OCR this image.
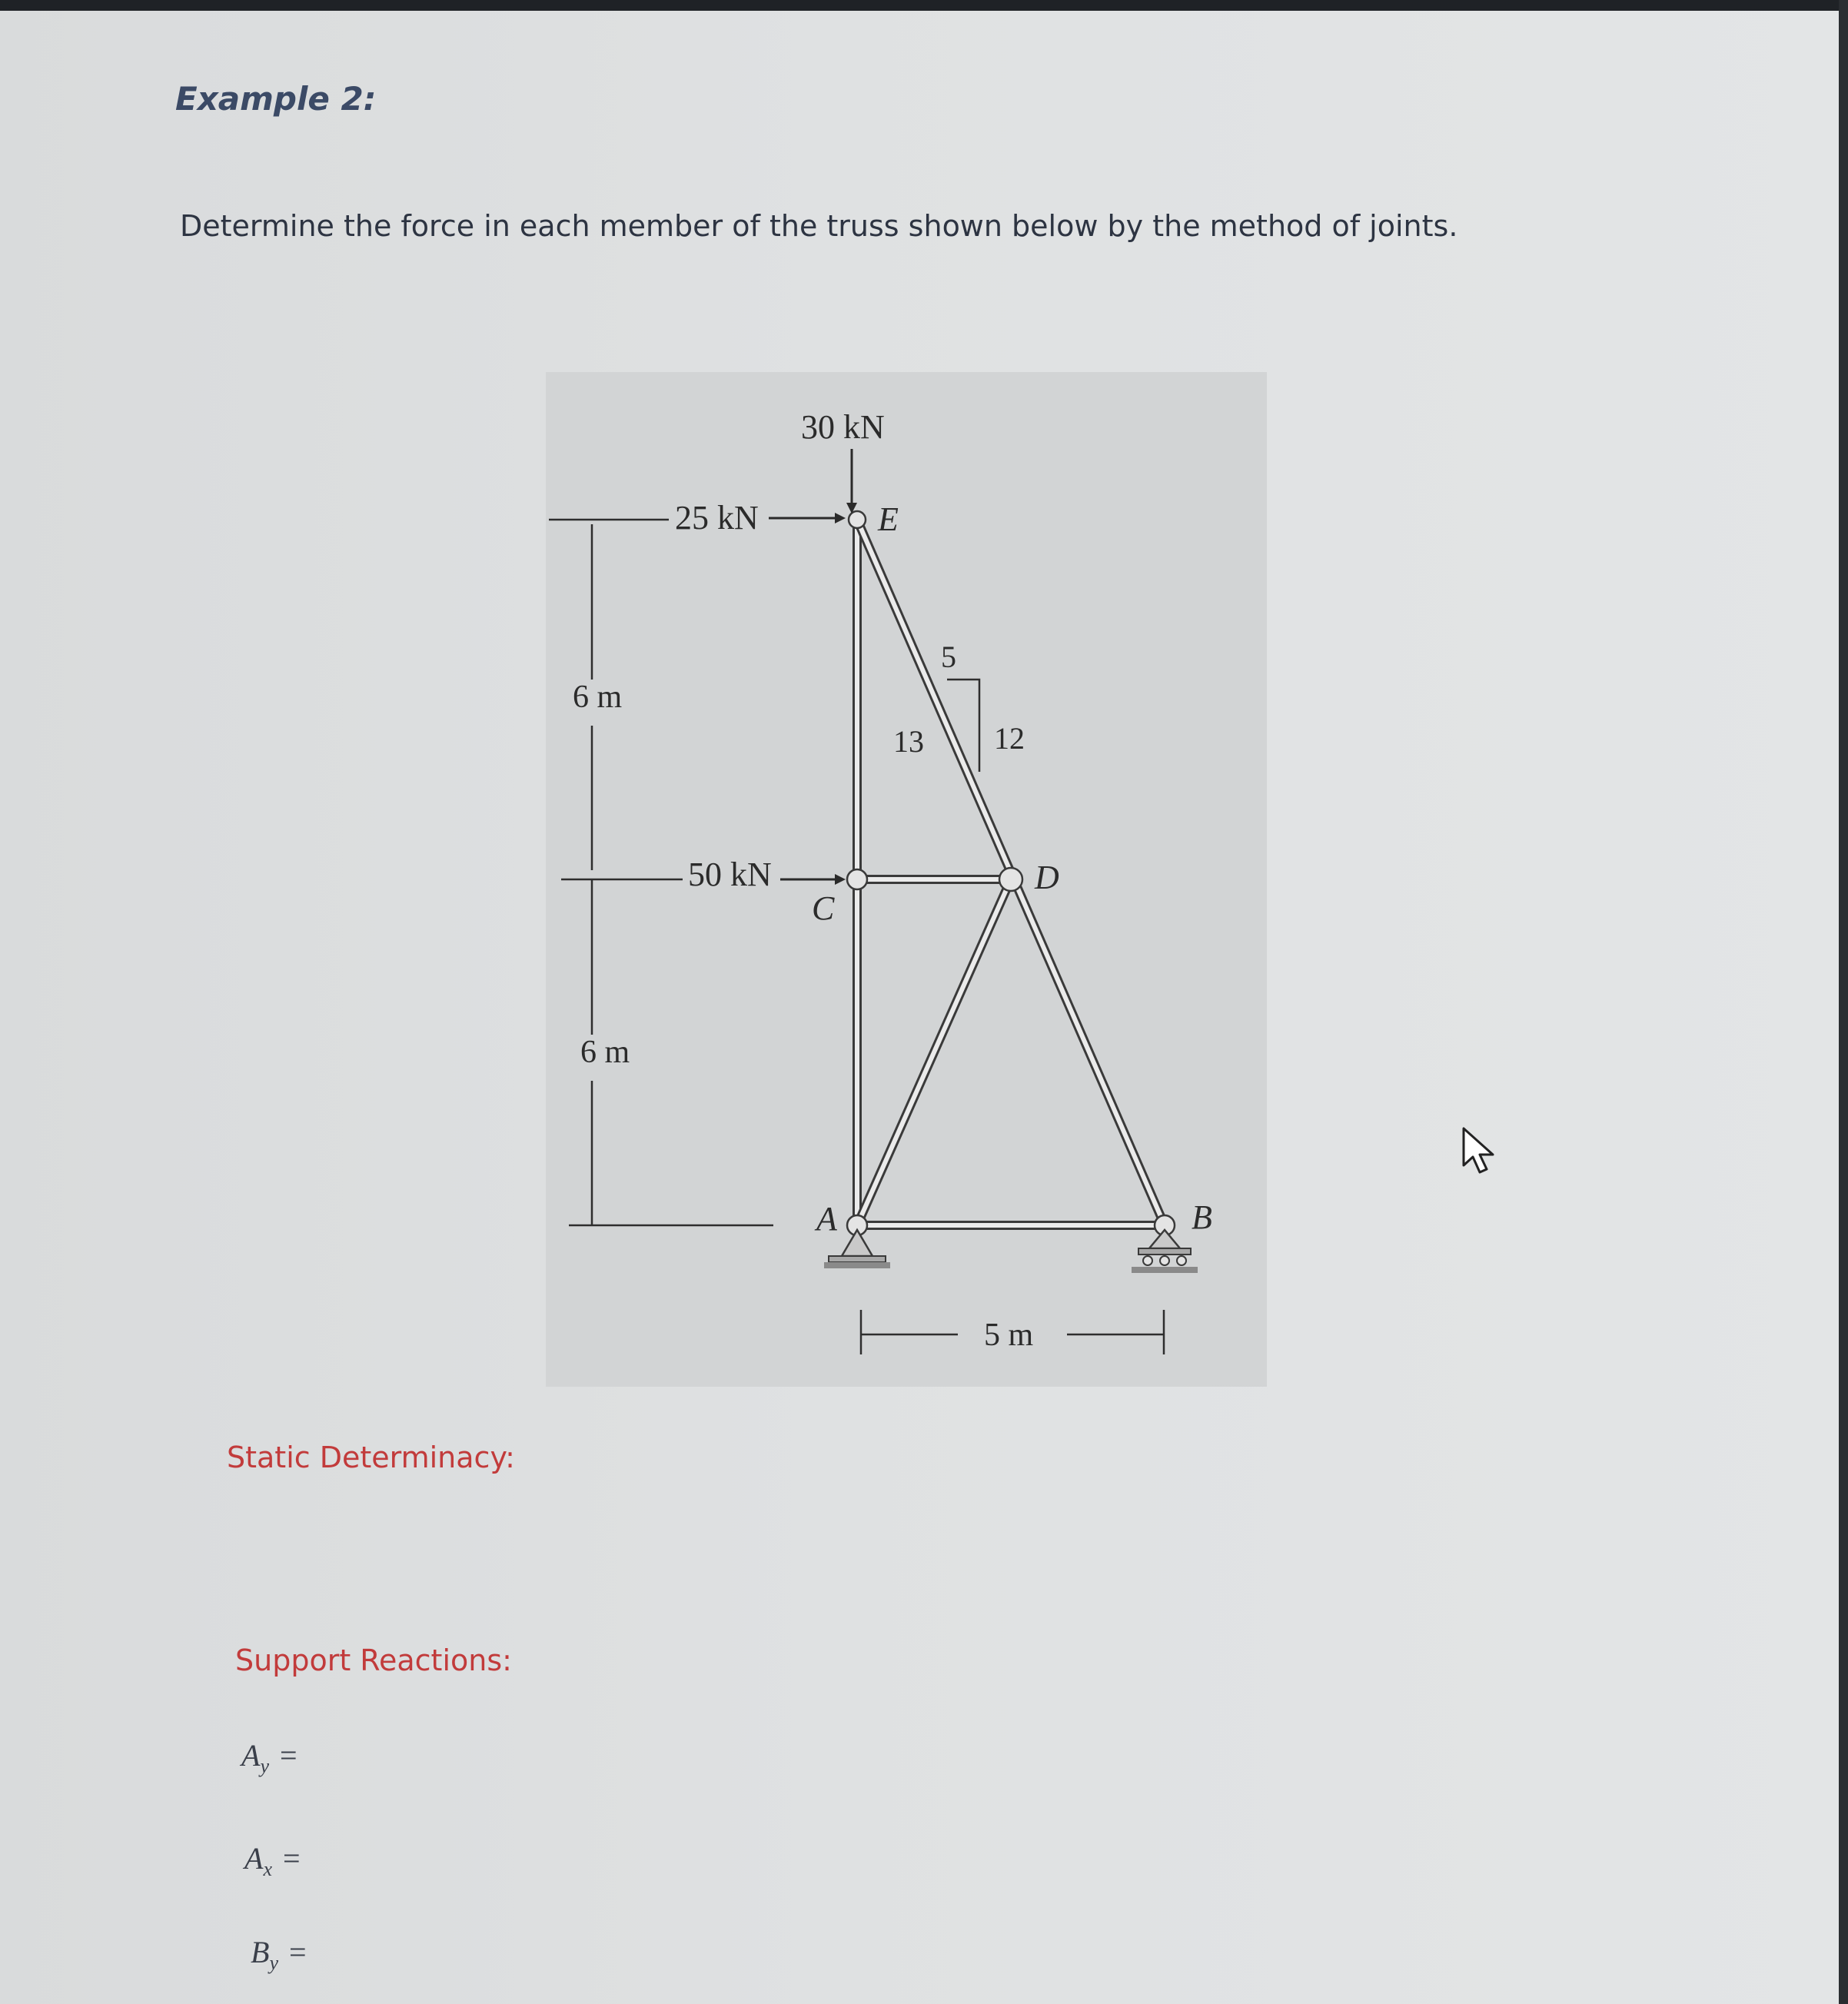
Example 2:

Determine the force in each member of the truss shown below by the method of joints.

30 kN
25 kN
50 kN
6 m
6 m
5 m
5
12
13
E
C
D
A	B
Static Determinacy:
Support Reactions:
$A_y$ =
$A_x$ =
$B_y$ =
